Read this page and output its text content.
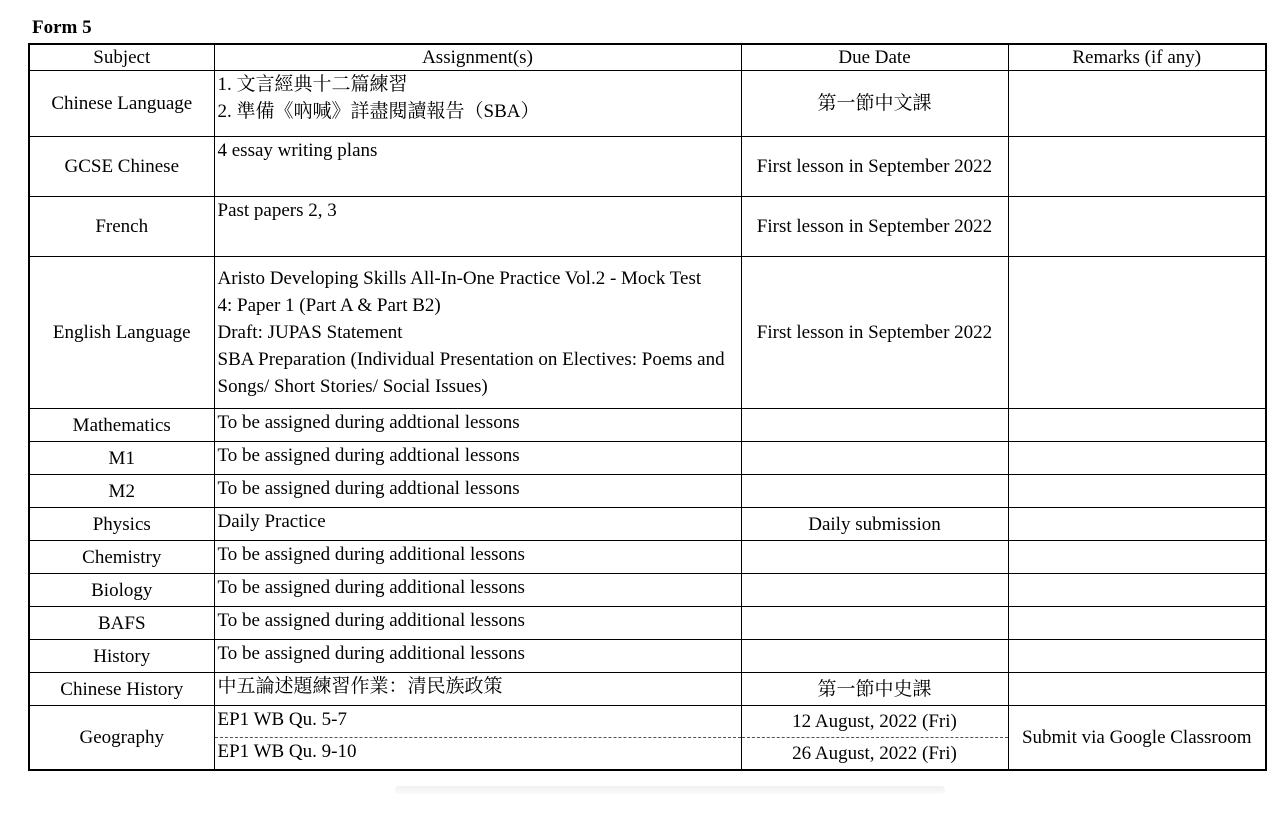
Form 5
Subject	Assignment(s)	Due Date	Remarks (if any)
Chinese Language	1. 文言經典十二篇練習
2. 準備《吶喊》詳盡閱讀報告（SBA）	第一節中文課	
GCSE Chinese	4 essay writing plans	First lesson in September 2022	
French	Past papers 2, 3	First lesson in September 2022	
English Language	Aristo Developing Skills All-In-One Practice Vol.2 - Mock Test
4: Paper 1 (Part A & Part B2)
Draft: JUPAS Statement
SBA Preparation (Individual Presentation on Electives: Poems and
Songs/ Short Stories/ Social Issues)	First lesson in September 2022	
Mathematics	To be assigned during addtional lessons		
M1	To be assigned during addtional lessons		
M2	To be assigned during addtional lessons		
Physics	Daily Practice	Daily submission	
Chemistry	To be assigned during additional lessons		
Biology	To be assigned during additional lessons		
BAFS	To be assigned during additional lessons		
History	To be assigned during additional lessons		
Chinese History	中五論述題練習作業：清民族政策	第一節中史課	
Geography	EP1 WB Qu. 5-7	12 August, 2022 (Fri)	Submit via Google Classroom
	EP1 WB Qu. 9-10	26 August, 2022 (Fri)	
